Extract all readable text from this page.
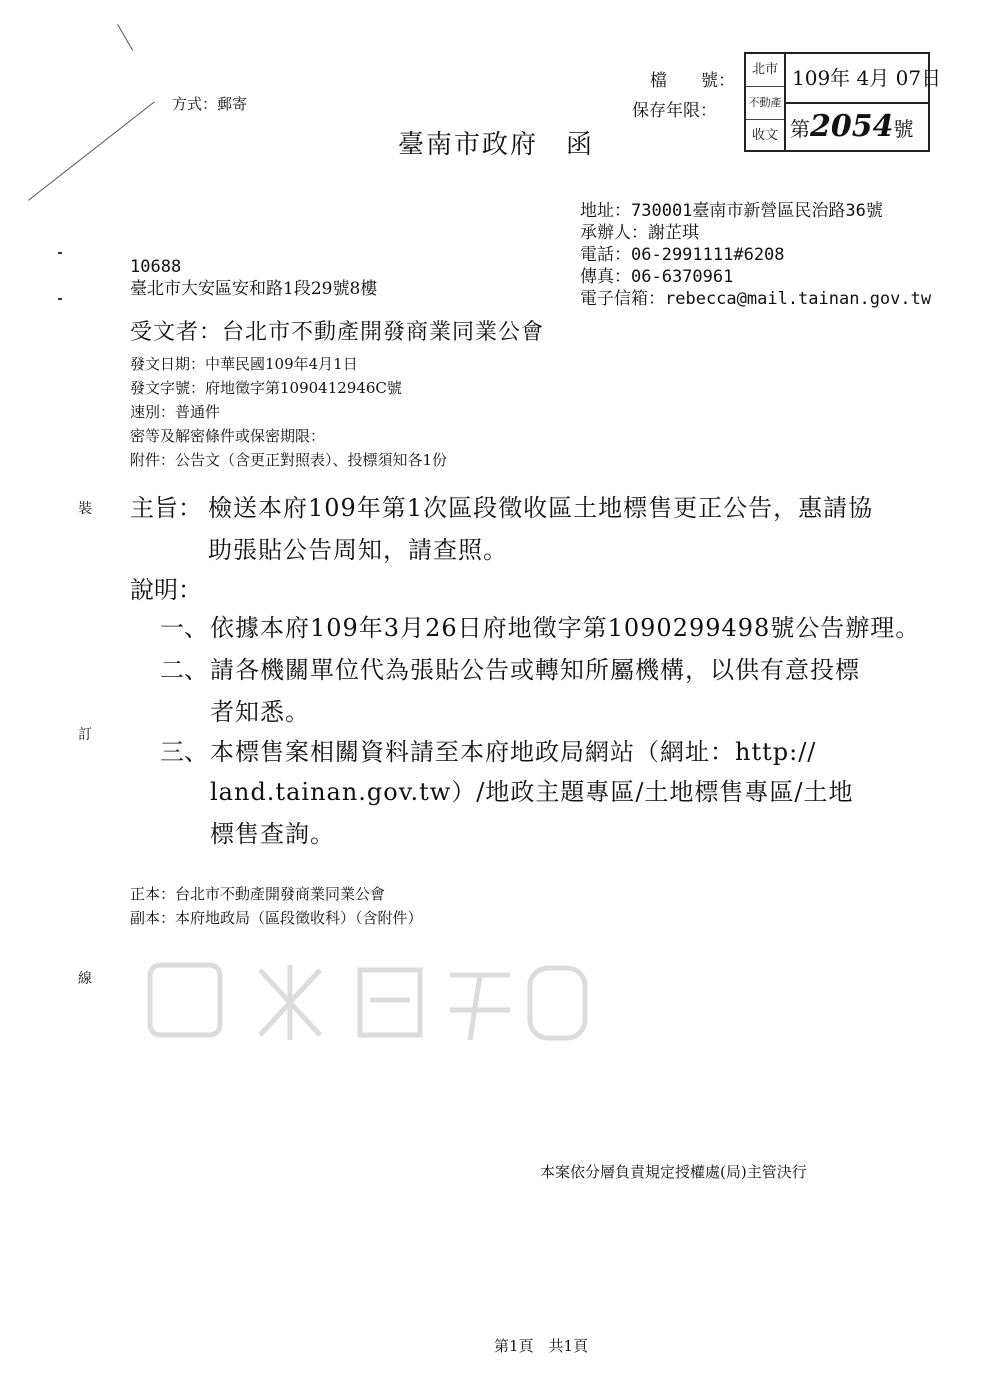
方式：郵寄
檔　　號：
保存年限：
臺南市政府　函
北市
不動產
收文
109年 4月 07日
第2054號
地址：730001臺南市新營區民治路36號
承辦人：謝芷琪
電話：06-2991111#6208
傳真：06-6370961
電子信箱：rebecca@mail.tainan.gov.tw
10688
臺北市大安區安和路1段29號8樓
裝
訂
線
受文者：台北市不動產開發商業同業公會
發文日期：中華民國109年4月1日
發文字號：府地徵字第1090412946C號
速別：普通件
密等及解密條件或保密期限：
附件：公告文（含更正對照表）、投標須知各1份
主旨： 檢送本府109年第1次區段徵收區土地標售更正公告，惠請協
助張貼公告周知，請查照。
說明：
一、 依據本府109年3月26日府地徵字第1090299498號公告辦理。
二、 請各機關單位代為張貼公告或轉知所屬機構，以供有意投標
者知悉。
三、 本標售案相關資料請至本府地政局網站（網址：http://
land.tainan.gov.tw）/地政主題專區/土地標售專區/土地
標售查詢。
正本：台北市不動產開發商業同業公會
副本：本府地政局（區段徵收科）（含附件）
本案依分層負責規定授權處(局)主管決行
第1頁　共1頁
